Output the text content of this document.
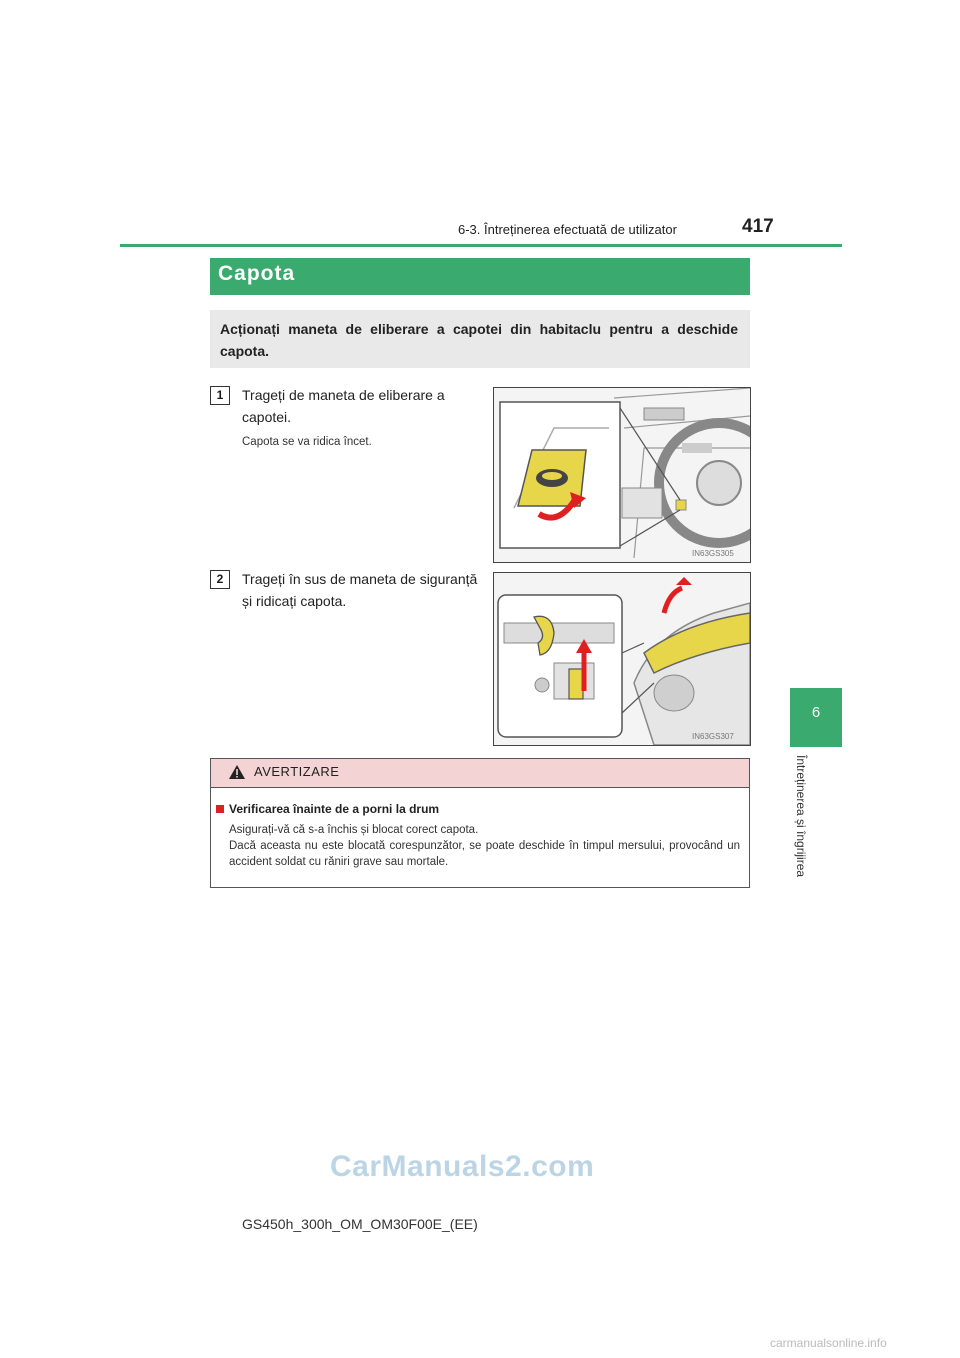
6-3. Întreținerea efectuată de utilizator	417
6
Întreținerea și îngrijirea
Capota
Acționați maneta de eliberare a capotei din habitaclu pentru a deschide capota.
1	Trageți de maneta de eliberare a
capotei.
Capota se va ridica încet.
IN63GS305
2	Trageți în sus de maneta de siguranță
și ridicați capota.
IN63GS307
AVERTIZARE
Verificarea înainte de a porni la drum
Asigurați-vă că s-a închis și blocat corect capota.
Dacă aceasta nu este blocată corespunzător, se poate deschide în timpul mersului, provocând un accident soldat cu răniri grave sau mortale.
GS450h_300h_OM_OM30F00E_(EE)
CarManuals2.com
carmanualsonline.info
